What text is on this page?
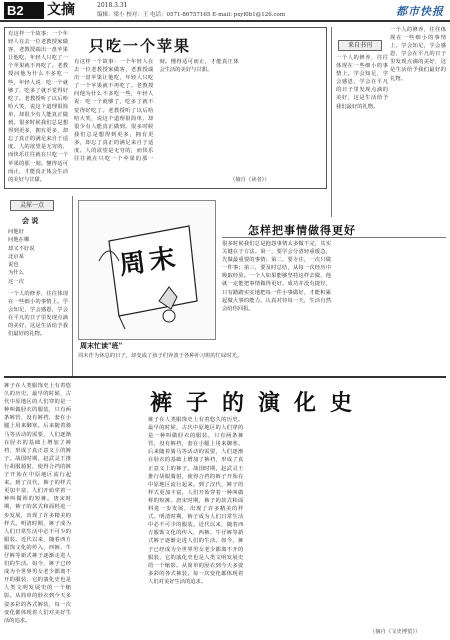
B2	文摘	2018.3.31
编辑：梁小 校对：王 电话：0571-86757165 E-mail: pxyl0b1@126.com	都市快报
只吃一个苹果
有这样一个故事：一个年轻人在去一位老教授家做客，老教授端出一盘苹果让他吃，年轻人只吃了一个苹果就不再吃了。老教授问他为什么不多吃一些，年轻人说：吃一个就够了，吃多了就不觉得好吃了。老教授听了以后哈哈大笑，说这个道理很简单，却很少有人能真正做到。很多时候我们总是想得到更多，拥有更多，却忘了真正的满足来自于适度。人的欲望是无穷的，而快乐往往就在只吃一个苹果的那一刻。懂得适可而止，才能真正体会生活的美好与甘甜。
有这样一个故事：一个年轻人在去一位老教授家做客，老教授端出一盘苹果让他吃，年轻人只吃了一个苹果就不再吃了。老教授问他为什么不多吃一些，年轻人说：吃一个就够了，吃多了就不觉得好吃了。老教授听了以后哈哈大笑，说这个道理很简单，却很少有人能真正做到。很多时候我们总是想得到更多，拥有更多，却忘了真正的满足来自于适度。人的欲望是无穷的，而快乐往往就在只吃一个苹果的那一刻。懂得适可而止，才能真正体会生活的美好与甘甜。
（摘自《读者》）
来自书刊
一个人的修养，往往体现在一些细小的事情上。学会知足，学会感恩，学会在平凡的日子里发现点滴的美好，这是生活给予我们最好的礼物。
一个人的修养，往往体现在一些细小的事情上。学会知足，学会感恩，学会在平凡的日子里发现点滴的美好，这是生活给予我们最好的礼物。
灵犀一点
会 说
问他好
问他在哪
却又不好说
北京某
说也
为什么
这一次
一个人的修养，往往体现在一些细小的事情上。学会知足，学会感恩，学会在平凡的日子里发现点滴的美好，这是生活给予我们最好的礼物。
周末
周末忙读"班"
周末作为休息的日子，却变成了孩子们奔波于各种补习班的忙碌时光。
怎样把事情做得更好
很多时候我们总是抱怨事情太多做不完，其实关键在于方法。第一，要学会分清轻重缓急，先做最重要的事情；第二，要专注，一次只做一件事；第三，要及时总结，从每一次经历中吸取经验。一个人如果能够坚持这样去做，他就一定能把事情做得更好。成功并没有捷径，只有踏踏实实地把每一件小事做好，才能积累起做大事的能力。认真对待每一天，生活自然会给你回报。
裤子的演化史
裤子在人类服饰史上有着悠久的历史。最早的时候，古代中原地区的人们穿的是一种叫做胫衣的服装，只有两条裤管，没有裤裆，套在小腿上用来御寒。后来随着骑马等活动的需要，人们逐渐在胫衣的基础上增加了裤裆，形成了真正意义上的裤子。战国时期，赵武灵王推行胡服骑射，使得合裆的裤子开始在中原地区流行起来。到了汉代，裤子的样式更加丰富，人们开始穿着一种叫做裈的短裤。唐宋时期，裤子的款式和面料进一步发展，出现了许多精美的样式。明清时期，裤子成为人们日常生活中必不可少的服装。近代以来，随着西方服饰文化的传入，西裤、牛仔裤等新式裤子逐渐走进人们的生活。如今，裤子已经成为全世界男女老少都离不开的服装，它的演化史也是人类文明发展史的一个缩影。从简单的胫衣到今天多姿多彩的各式裤装，每一次变化都体现着人们对美好生活的追求。
裤子在人类服饰史上有着悠久的历史。最早的时候，古代中原地区的人们穿的是一种叫做胫衣的服装，只有两条裤管，没有裤裆，套在小腿上用来御寒。后来随着骑马等活动的需要，人们逐渐在胫衣的基础上增加了裤裆，形成了真正意义上的裤子。战国时期，赵武灵王推行胡服骑射，使得合裆的裤子开始在中原地区流行起来。到了汉代，裤子的样式更加丰富，人们开始穿着一种叫做裈的短裤。唐宋时期，裤子的款式和面料进一步发展，出现了许多精美的样式。明清时期，裤子成为人们日常生活中必不可少的服装。近代以来，随着西方服饰文化的传入，西裤、牛仔裤等新式裤子逐渐走进人们的生活。如今，裤子已经成为全世界男女老少都离不开的服装，它的演化史也是人类文明发展史的一个缩影。从简单的胫衣到今天多姿多彩的各式裤装，每一次变化都体现着人们对美好生活的追求。
（摘自《文史博览》）
